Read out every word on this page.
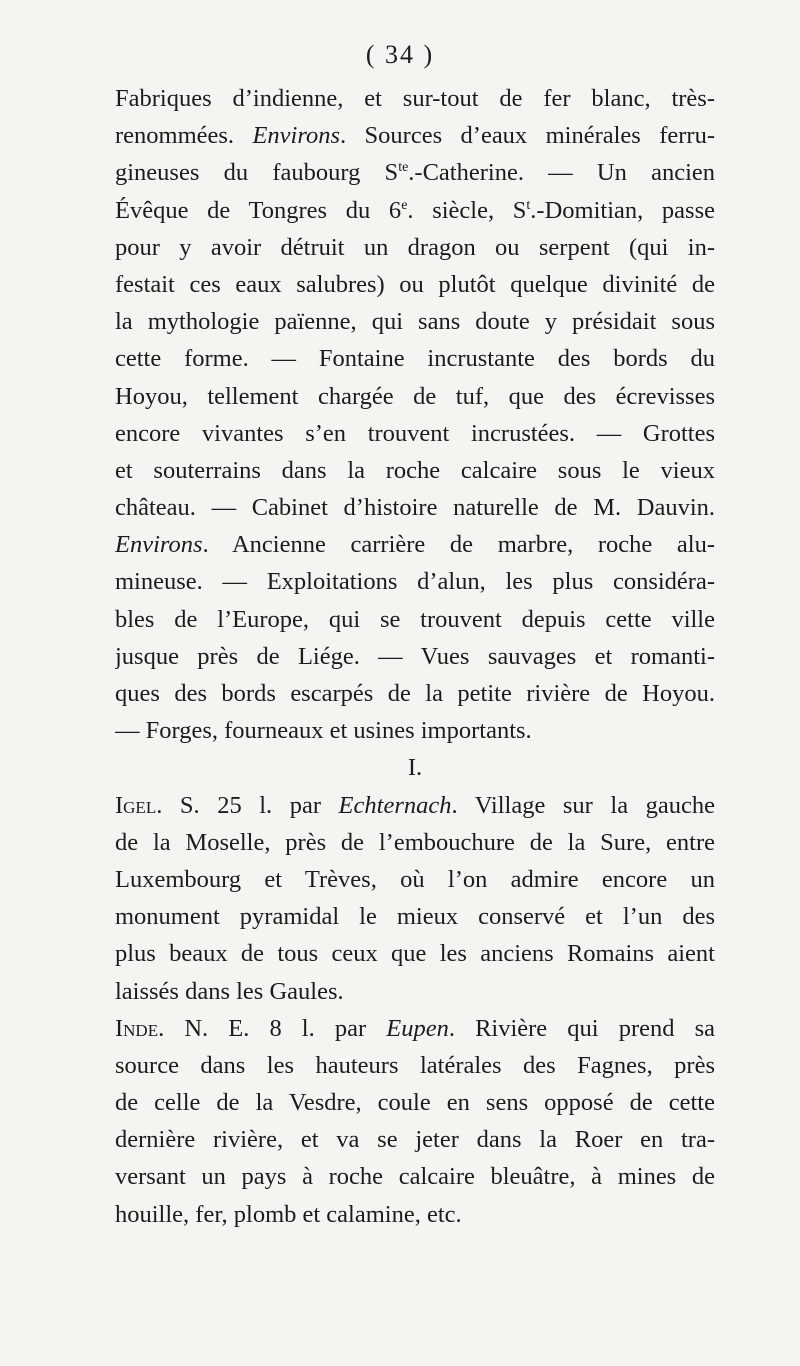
( 34 )
Fabriques d’indienne, et sur-tout de fer blanc, très-
renommées. Environs. Sources d’eaux minérales ferru-
gineuses du faubourg $S^{te}$.-Catherine. — Un ancien
Évêque de Tongres du 6e. siècle, $S^t$.-Domitian, passe
pour y avoir détruit un dragon ou serpent (qui in-
festait ces eaux salubres) ou plutôt quelque divinité de
la mythologie païenne, qui sans doute y présidait sous
cette forme. — Fontaine incrustante des bords du
Hoyou, tellement chargée de tuf, que des écrevisses
encore vivantes s’en trouvent incrustées. — Grottes
et souterrains dans la roche calcaire sous le vieux
château. — Cabinet d’histoire naturelle de M. Dauvin.
Environs. Ancienne carrière de marbre, roche alu-
mineuse. — Exploitations d’alun, les plus considéra-
bles de l’Europe, qui se trouvent depuis cette ville
jusque près de Liége. — Vues sauvages et romanti-
ques des bords escarpés de la petite rivière de Hoyou.
— Forges, fourneaux et usines importants.
I.
Igel. S. 25 l. par Echternach. Village sur la gauche
de la Moselle, près de l’embouchure de la Sure, entre
Luxembourg et Trèves, où l’on admire encore un
monument pyramidal le mieux conservé et l’un des
plus beaux de tous ceux que les anciens Romains aient
laissés dans les Gaules.
Inde. N. E. 8 l. par Eupen. Rivière qui prend sa
source dans les hauteurs latérales des Fagnes, près
de celle de la Vesdre, coule en sens opposé de cette
dernière rivière, et va se jeter dans la Roer en tra-
versant un pays à roche calcaire bleuâtre, à mines de
houille, fer, plomb et calamine, etc.
